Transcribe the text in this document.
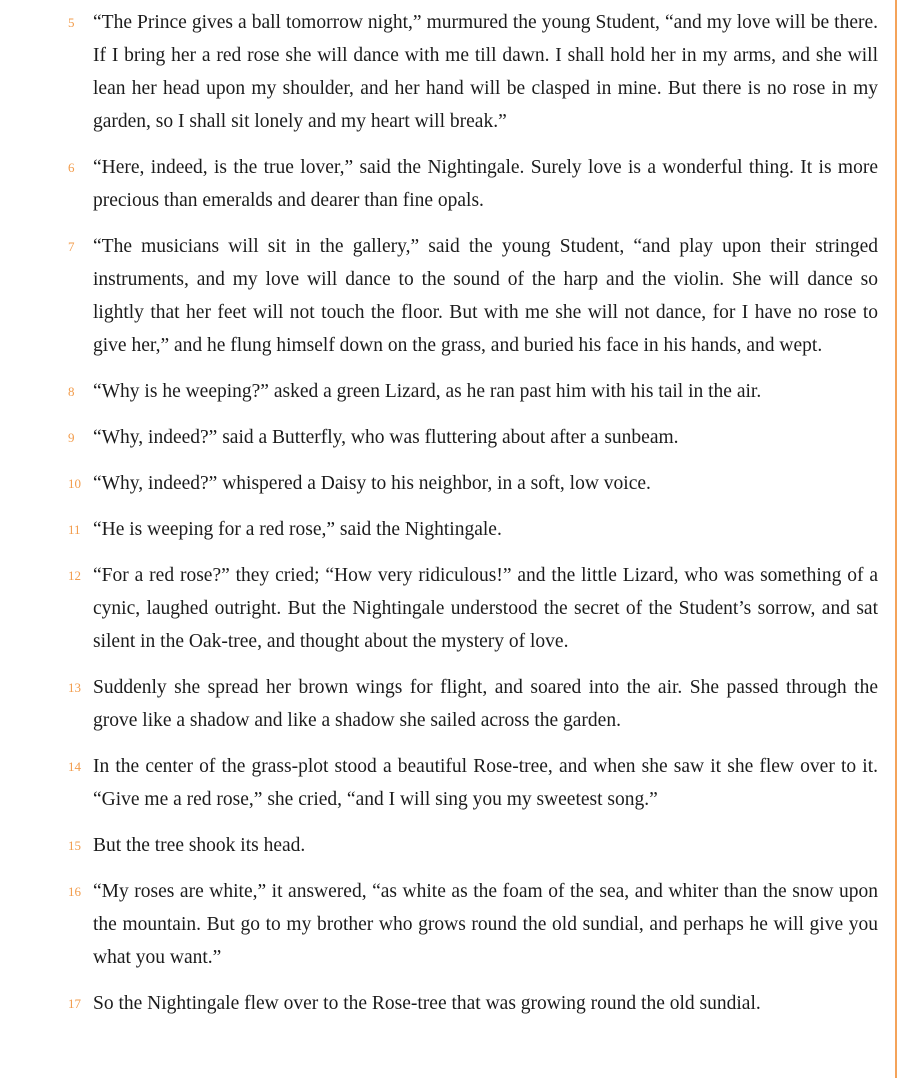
5 “The Prince gives a ball tomorrow night,” murmured the young Student, “and my love will be there. If I bring her a red rose she will dance with me till dawn. I shall hold her in my arms, and she will lean her head upon my shoulder, and her hand will be clasped in mine. But there is no rose in my garden, so I shall sit lonely and my heart will break.”
6 “Here, indeed, is the true lover,” said the Nightingale. Surely love is a wonderful thing. It is more precious than emeralds and dearer than fine opals.
7 “The musicians will sit in the gallery,” said the young Student, “and play upon their stringed instruments, and my love will dance to the sound of the harp and the violin. She will dance so lightly that her feet will not touch the floor. But with me she will not dance, for I have no rose to give her,” and he flung himself down on the grass, and buried his face in his hands, and wept.
8 “Why is he weeping?” asked a green Lizard, as he ran past him with his tail in the air.
9 “Why, indeed?” said a Butterfly, who was fluttering about after a sunbeam.
10 “Why, indeed?” whispered a Daisy to his neighbor, in a soft, low voice.
11 “He is weeping for a red rose,” said the Nightingale.
12 “For a red rose?” they cried; “How very ridiculous!” and the little Lizard, who was something of a cynic, laughed outright. But the Nightingale understood the secret of the Student’s sorrow, and sat silent in the Oak-tree, and thought about the mystery of love.
13 Suddenly she spread her brown wings for flight, and soared into the air. She passed through the grove like a shadow and like a shadow she sailed across the garden.
14 In the center of the grass-plot stood a beautiful Rose-tree, and when she saw it she flew over to it. “Give me a red rose,” she cried, “and I will sing you my sweetest song.”
15 But the tree shook its head.
16 “My roses are white,” it answered, “as white as the foam of the sea, and whiter than the snow upon the mountain. But go to my brother who grows round the old sundial, and perhaps he will give you what you want.”
17 So the Nightingale flew over to the Rose-tree that was growing round the old sundial.
